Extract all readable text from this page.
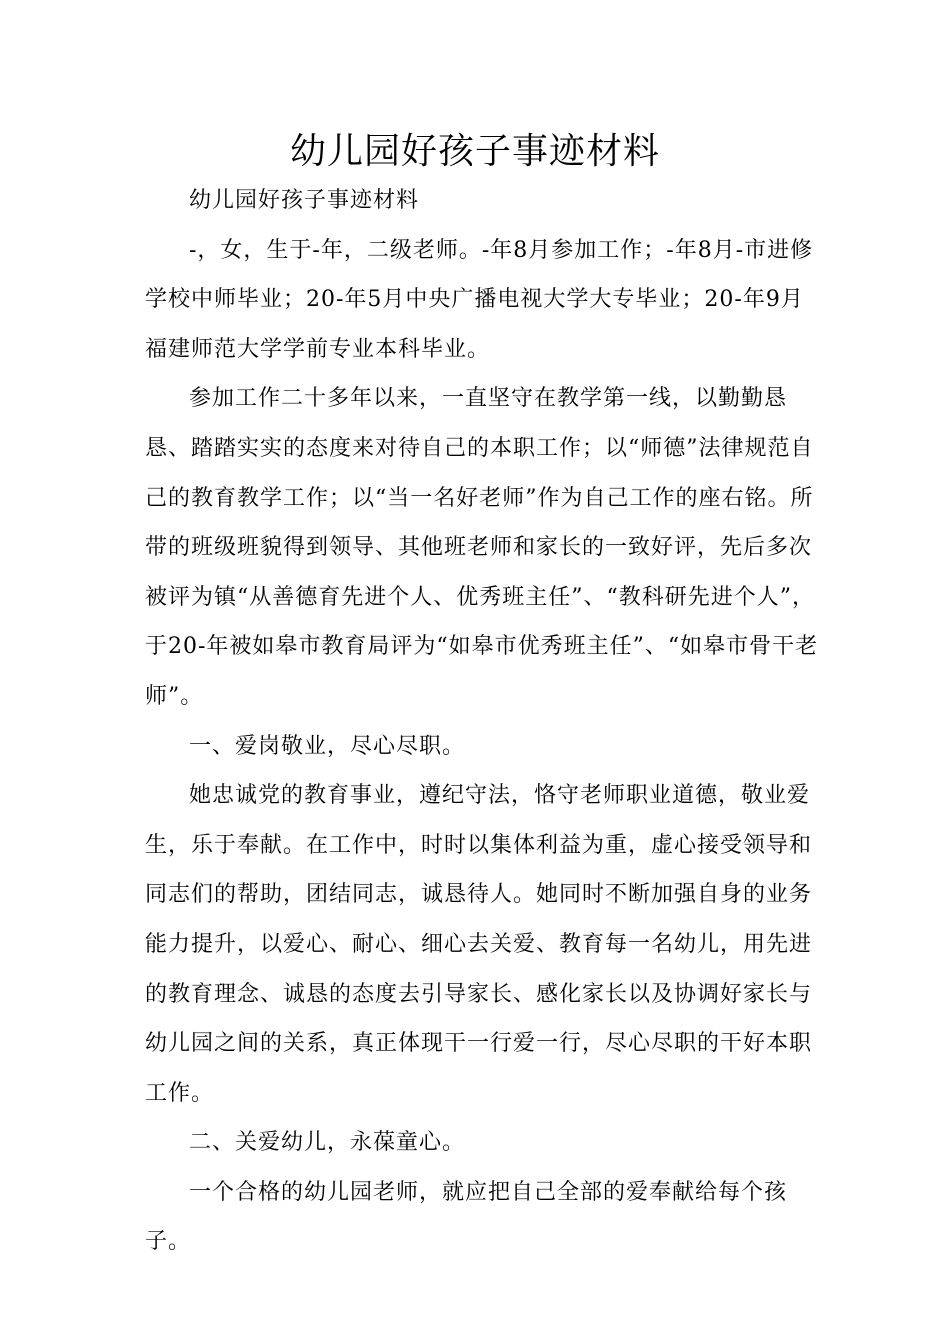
幼儿园好孩子事迹材料

幼儿园好孩子事迹材料

-，女，生于-年，二级老师。-年8月参加工作；-年8月-市进修学校中师毕业；20-年5月中央广播电视大学大专毕业；20-年9月福建师范大学学前专业本科毕业。

参加工作二十多年以来，一直坚守在教学第一线，以勤勤恳恳、踏踏实实的态度来对待自己的本职工作；以“师德”法律规范自己的教育教学工作；以“当一名好老师”作为自己工作的座右铭。所带的班级班貌得到领导、其他班老师和家长的一致好评，先后多次被评为镇“从善德育先进个人、优秀班主任”、“教科研先进个人”，于20-年被如皋市教育局评为“如皋市优秀班主任”、“如皋市骨干老师”。

一、爱岗敬业，尽心尽职。

她忠诚党的教育事业，遵纪守法，恪守老师职业道德，敬业爱生，乐于奉献。在工作中，时时以集体利益为重，虚心接受领导和同志们的帮助，团结同志，诚恳待人。她同时不断加强自身的业务能力提升，以爱心、耐心、细心去关爱、教育每一名幼儿，用先进的教育理念、诚恳的态度去引导家长、感化家长以及协调好家长与幼儿园之间的关系，真正体现干一行爱一行，尽心尽职的干好本职工作。

二、关爱幼儿，永葆童心。

一个合格的幼儿园老师，就应把自己全部的爱奉献给每个孩子。
